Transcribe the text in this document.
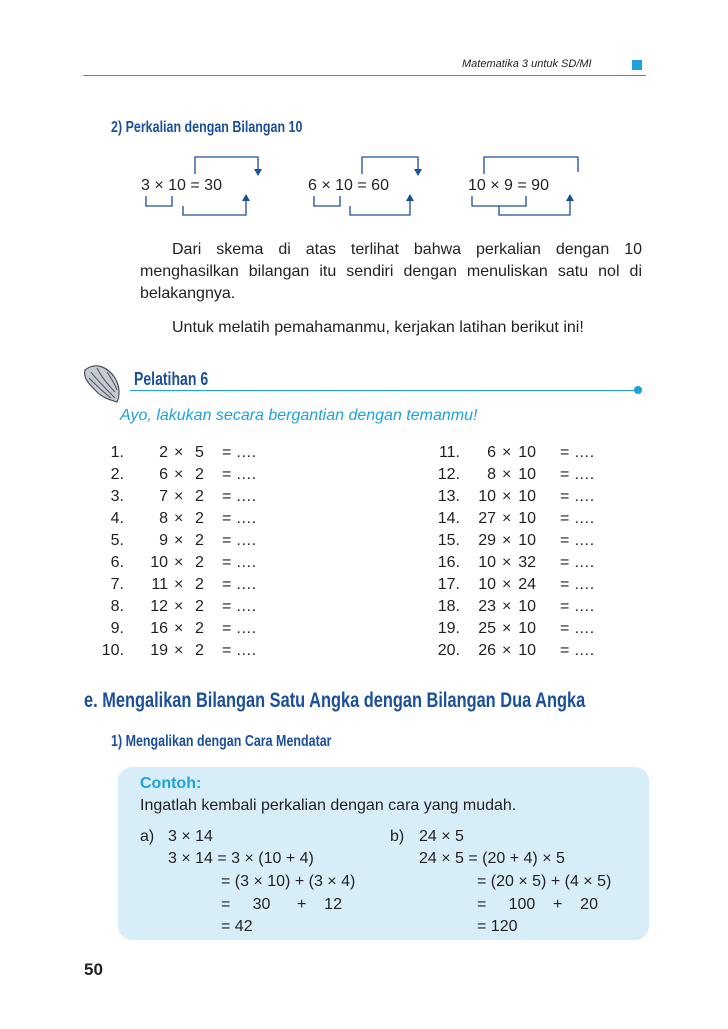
Matematika 3 untuk SD/MI
2) Perkalian dengan Bilangan 10
3 × 10 = 30	6 × 10 = 60	10 × 9 = 90
Dari skema di atas terlihat bahwa perkalian dengan 10
menghasilkan bilangan itu sendiri dengan menuliskan satu nol di
belakangnya.
Untuk melatih pemahamanmu, kerjakan latihan berikut ini!
Pelatihan 6
Ayo, lakukan secara bergantian dengan temanmu!
1.	2 × 5 = ….
2.	6 × 2 = ….
3.	7 × 2 = ….
4.	8 × 2 = ….
5.	9 × 2 = ….
6.	10 × 2 = ….
7.	11 × 2 = ….
8.	12 × 2 = ….
9.	16 × 2 = ….
10.	19 × 2 = ….
11.	6 × 10 = ….
12.	8 × 10 = ….
13.	10 × 10 = ….
14.	27 × 10 = ….
15.	29 × 10 = ….
16.	10 × 32 = ….
17.	10 × 24 = ….
18.	23 × 10 = ….
19.	25 × 10 = ….
20.	26 × 10 = ….
e. Mengalikan Bilangan Satu Angka dengan Bilangan Dua Angka
1) Mengalikan dengan Cara Mendatar
Contoh:
Ingatlah kembali perkalian dengan cara yang mudah.
a) 3 × 14
3 × 14 = 3 × (10 + 4)
= (3 × 10) + (3 × 4)
=     30      +    12
= 42
b) 24 × 5
24 × 5 = (20 + 4) × 5
= (20 × 5) + (4 × 5)
=     100    +    20
= 120
50
